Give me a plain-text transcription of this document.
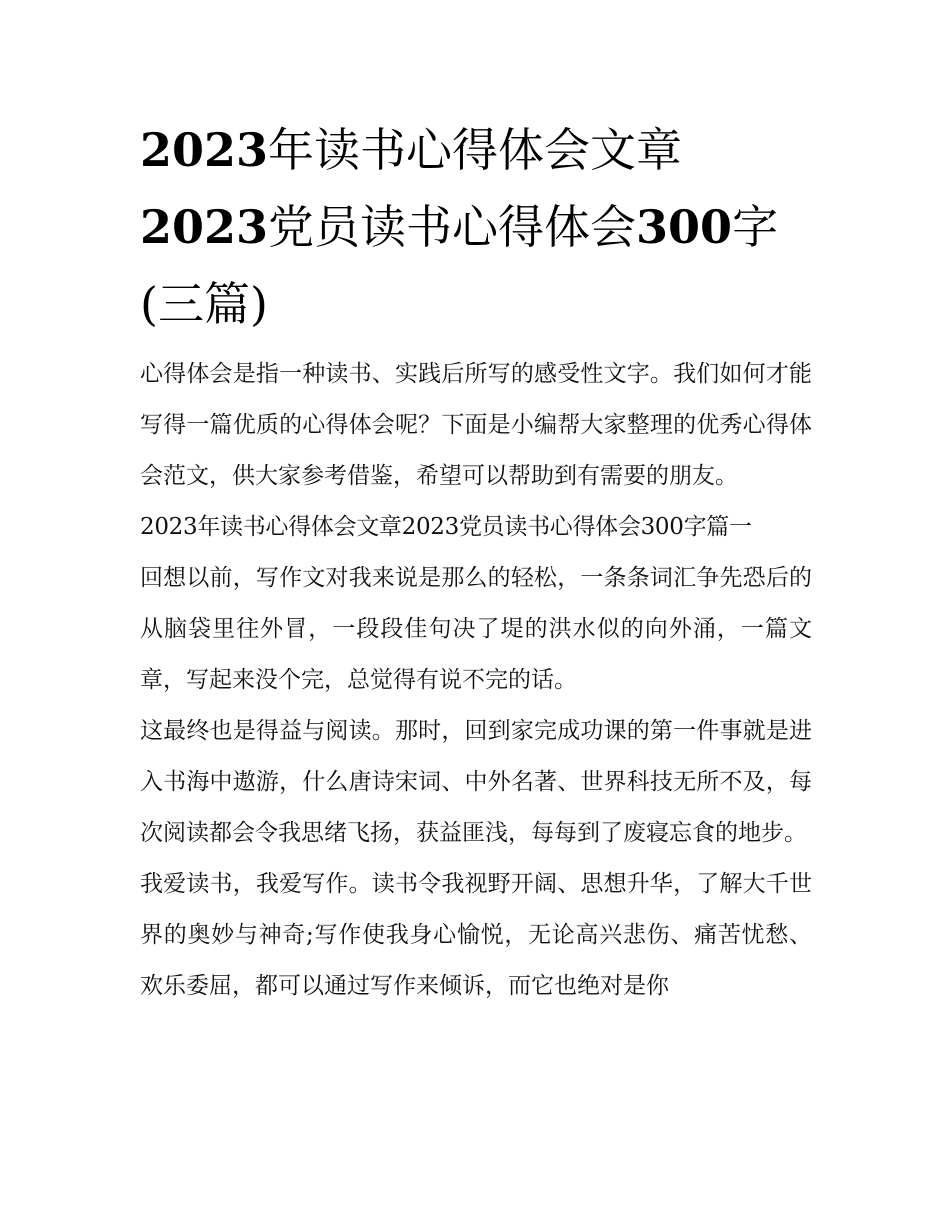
2023年读书心得体会文章
2023党员读书心得体会300字
(三篇)

心得体会是指一种读书、实践后所写的感受性文字。我们如何才能写得一篇优质的心得体会呢？下面是小编帮大家整理的优秀心得体会范文，供大家参考借鉴，希望可以帮助到有需要的朋友。

2023年读书心得体会文章2023党员读书心得体会300字篇一

回想以前，写作文对我来说是那么的轻松，一条条词汇争先恐后的从脑袋里往外冒，一段段佳句决了堤的洪水似的向外涌，一篇文章，写起来没个完，总觉得有说不完的话。

这最终也是得益与阅读。那时，回到家完成功课的第一件事就是进入书海中遨游，什么唐诗宋词、中外名著、世界科技无所不及，每次阅读都会令我思绪飞扬，获益匪浅，每每到了废寝忘食的地步。

我爱读书，我爱写作。读书令我视野开阔、思想升华，了解大千世界的奥妙与神奇;写作使我身心愉悦，无论高兴悲伤、痛苦忧愁、欢乐委屈，都可以通过写作来倾诉，而它也绝对是你
